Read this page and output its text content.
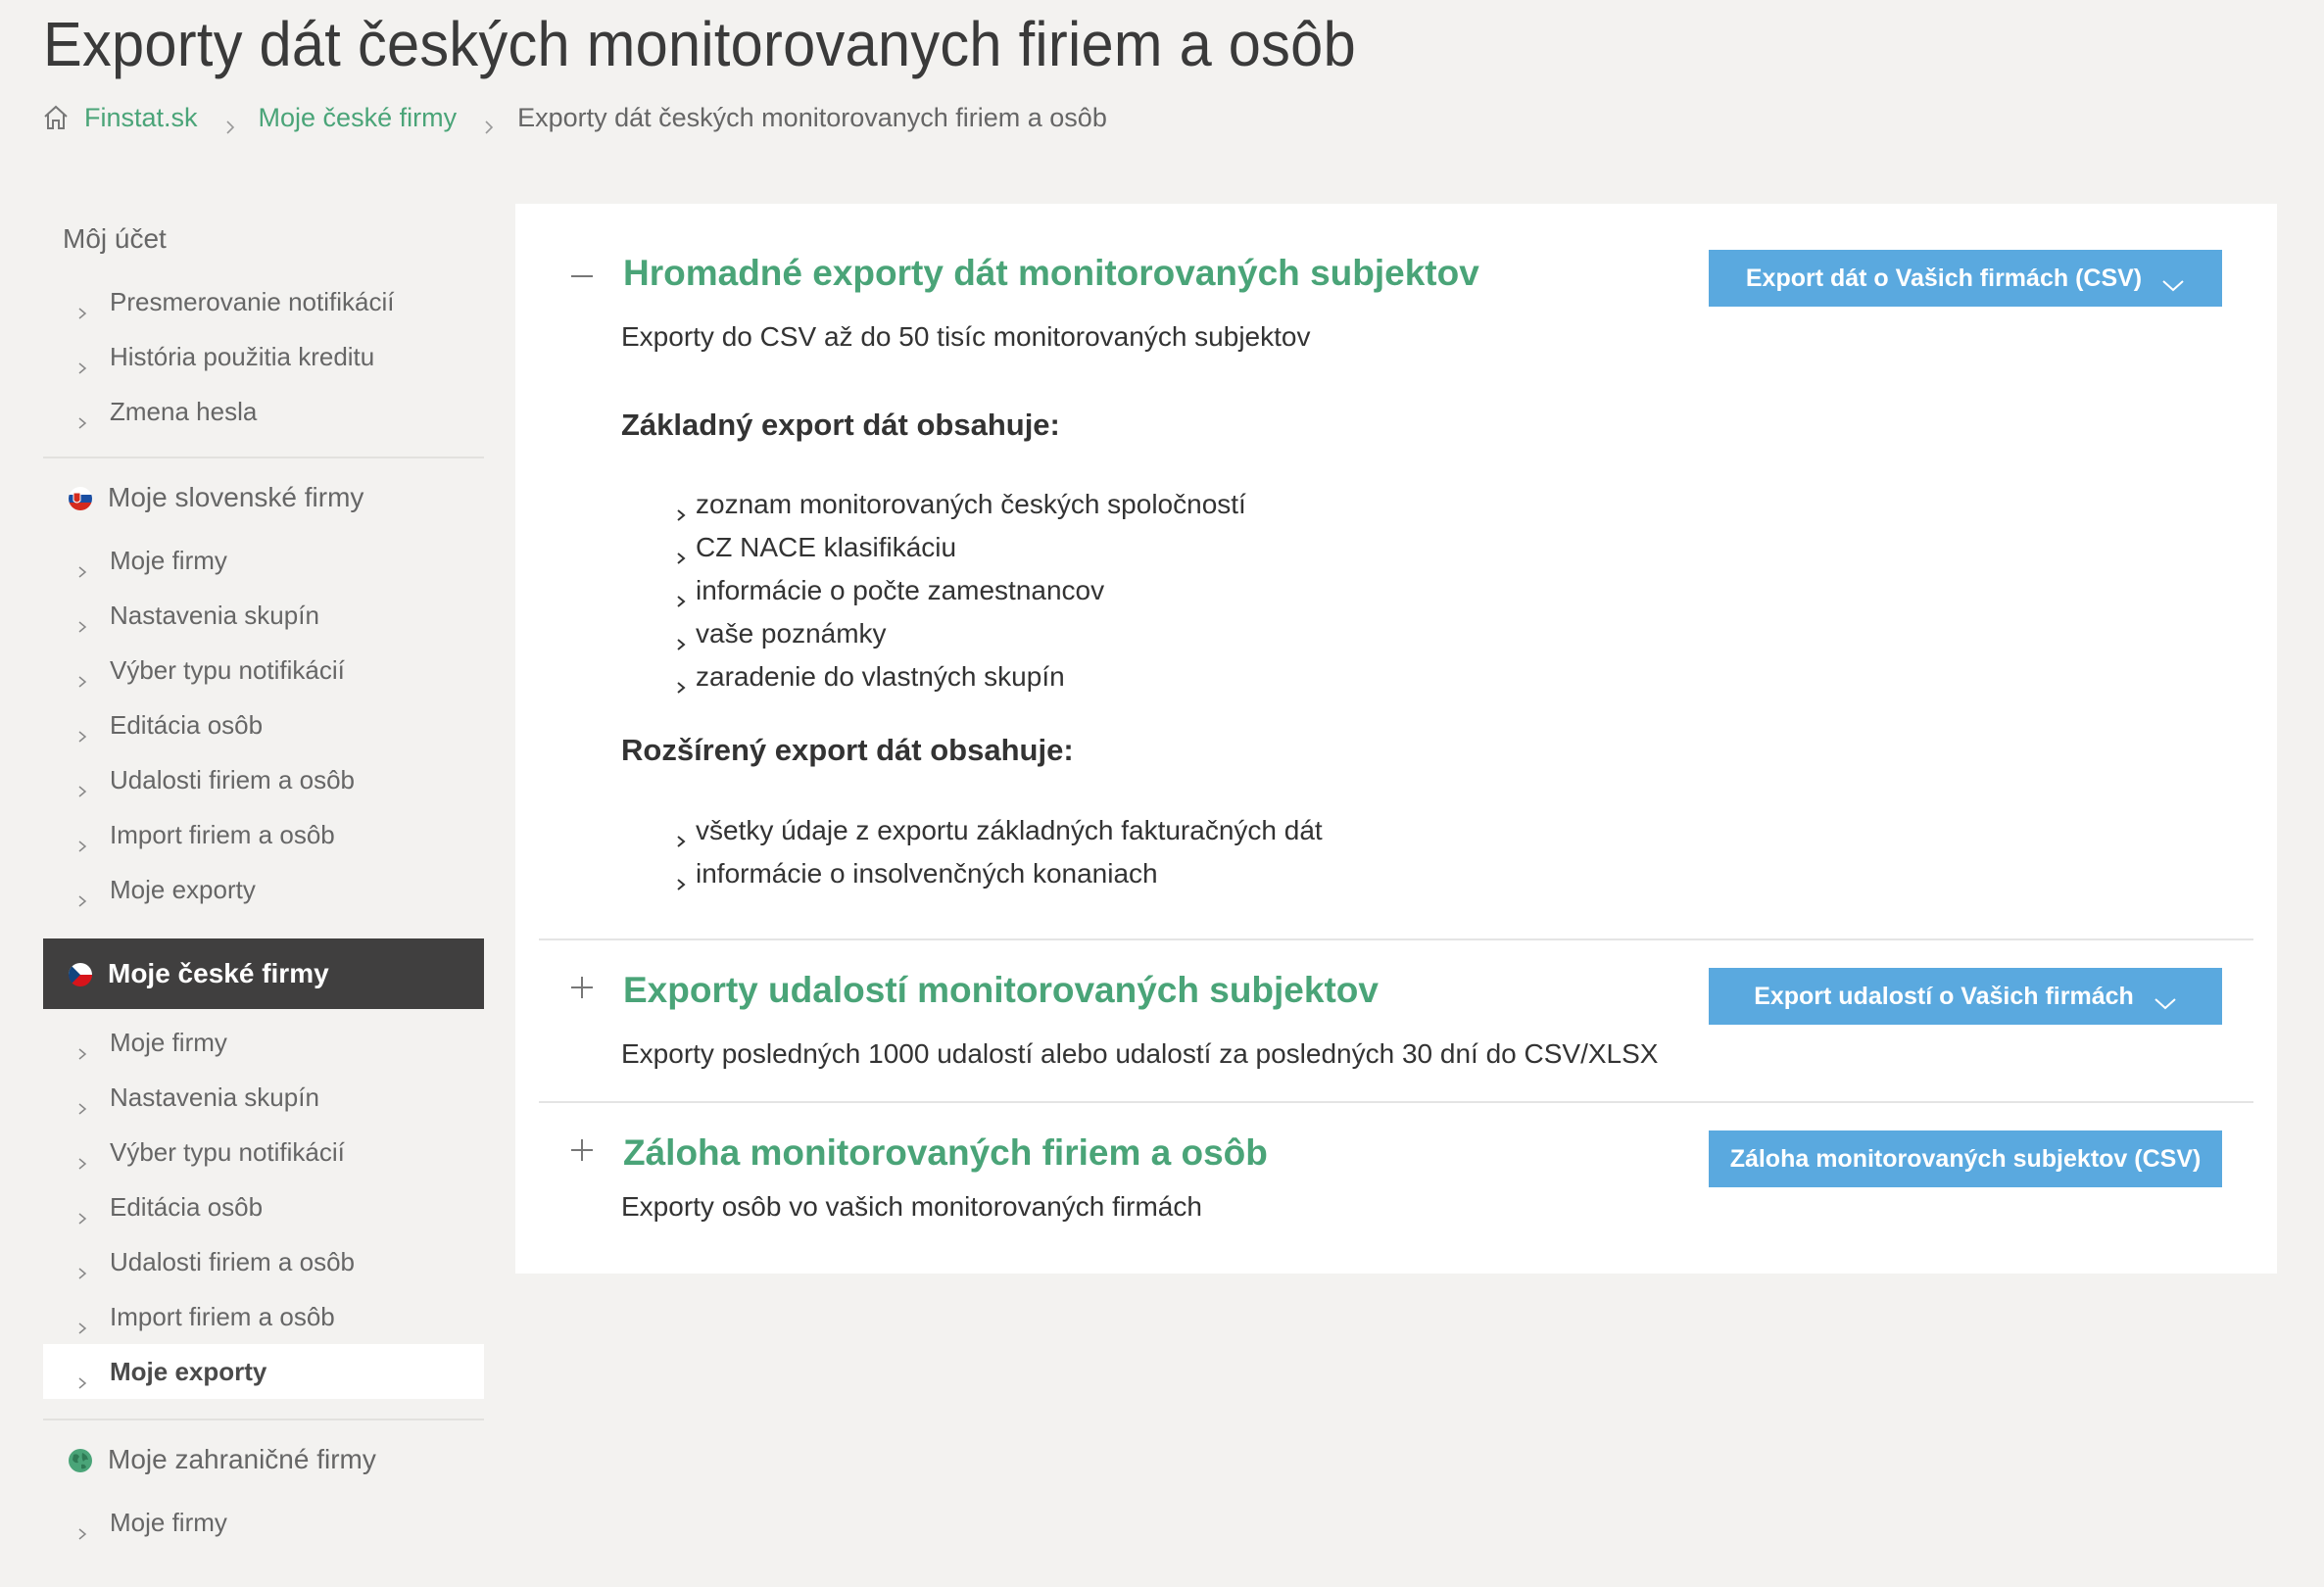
Exporty dát českých monitorovanych firiem a osôb
Finstat.sk Moje české firmy Exporty dát českých monitorovanych firiem a osôb
Môj účet
Presmerovanie notifikácií
História použitia kreditu
Zmena hesla
Moje slovenské firmy
Moje firmy
Nastavenia skupín
Výber typu notifikácií
Editácia osôb
Udalosti firiem a osôb
Import firiem a osôb
Moje exporty
Moje české firmy
Moje firmy
Nastavenia skupín
Výber typu notifikácií
Editácia osôb
Udalosti firiem a osôb
Import firiem a osôb
Moje exporty
Moje zahraničné firmy
Moje firmy
Hromadné exporty dát monitorovaných subjektov	Export dát o Vašich firmách (CSV)

Exporty do CSV až do 50 tisíc monitorovaných subjektov

Základný export dát obsahuje:
zoznam monitorovaných českých spoločností
CZ NACE klasifikáciu
informácie o počte zamestnancov
vaše poznámky
zaradenie do vlastných skupín
Rozšírený export dát obsahuje:
všetky údaje z exportu základných fakturačných dát
informácie o insolvenčných konaniach
Exporty udalostí monitorovaných subjektov	Export udalostí o Vašich firmách

Exporty posledných 1000 udalostí alebo udalostí za posledných 30 dní do CSV/XLSX

Záloha monitorovaných firiem a osôb	Záloha monitorovaných subjektov (CSV)

Exporty osôb vo vašich monitorovaných firmách
